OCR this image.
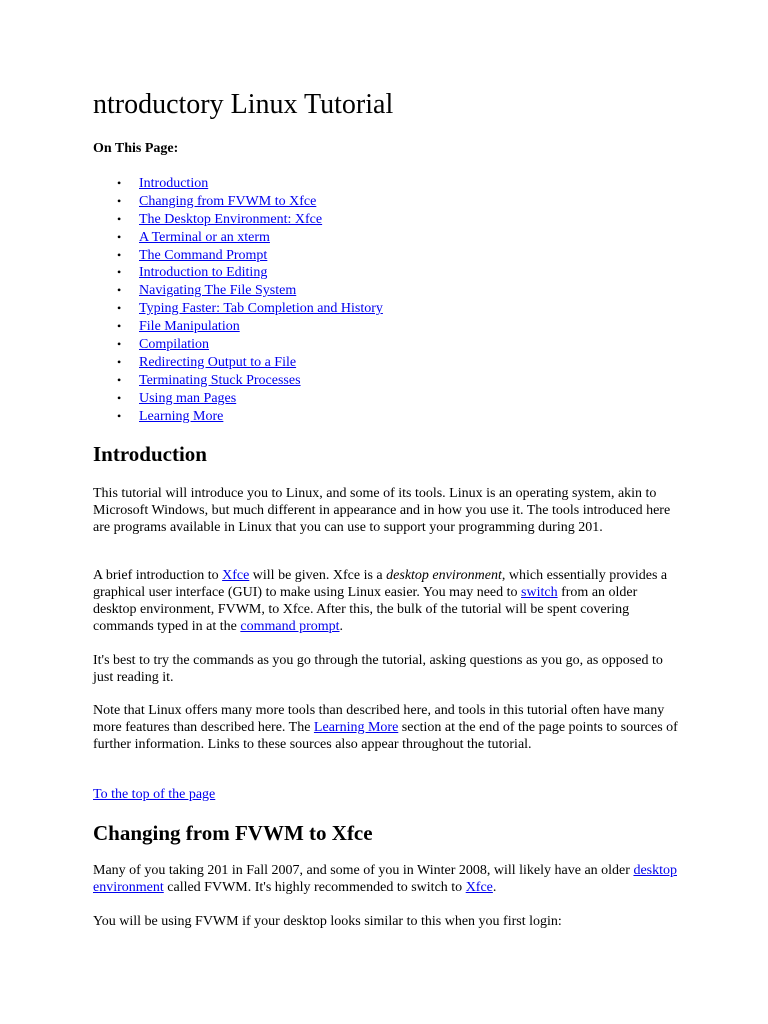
ntroductory Linux Tutorial
On This Page:
• Introduction
• Changing from FVWM to Xfce
• The Desktop Environment: Xfce
• A Terminal or an xterm
• The Command Prompt
• Introduction to Editing
• Navigating The File System
• Typing Faster: Tab Completion and History
• File Manipulation
• Compilation
• Redirecting Output to a File
• Terminating Stuck Processes
• Using man Pages
• Learning More
Introduction

This tutorial will introduce you to Linux, and some of its tools. Linux is an operating system, akin to Microsoft Windows, but much different in appearance and in how you use it. The tools introduced here are programs available in Linux that you can use to support your programming during 201.

A brief introduction to Xfce will be given. Xfce is a desktop environment, which essentially provides a graphical user interface (GUI) to make using Linux easier. You may need to switch from an older desktop environment, FVWM, to Xfce. After this, the bulk of the tutorial will be spent covering commands typed in at the command prompt.

It's best to try the commands as you go through the tutorial, asking questions as you go, as opposed to just reading it.

Note that Linux offers many more tools than described here, and tools in this tutorial often have many more features than described here. The Learning More section at the end of the page points to sources of further information. Links to these sources also appear throughout the tutorial.

To the top of the page

Changing from FVWM to Xfce

Many of you taking 201 in Fall 2007, and some of you in Winter 2008, will likely have an older desktop environment called FVWM. It's highly recommended to switch to Xfce.

You will be using FVWM if your desktop looks similar to this when you first login:
